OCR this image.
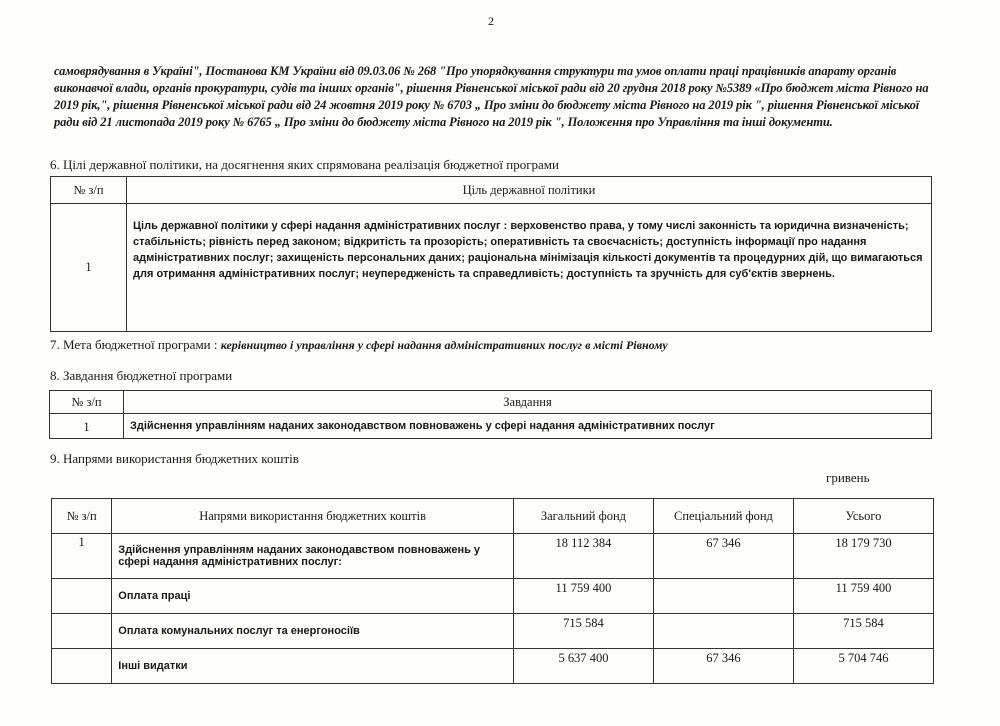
2
самоврядування в Україні", Постанова КМ України від 09.03.06 № 268 "Про упорядкування структури та умов оплати праці працівників апарату органів виконавчої влади, органів прокуратури, судів та інших органів", рішення Рівненської міської ради від 20 грудня 2018 року №5389 «Про бюджет міста Рівного на 2019 рік,", рішення Рівненської міської ради від 24 жовтня 2019 року № 6703 „ Про зміни до бюджету міста Рівного на 2019 рік ", рішення Рівненської міської ради від 21 листопада 2019 року № 6765 „ Про зміни до бюджету міста Рівного на 2019 рік ", Положення про Управління та інші документи.
6. Цілі державної політики, на досягнення яких спрямована реалізація бюджетної програми
№ з/п	Ціль державної політики
1	Ціль державної політики у сфері надання адміністративних послуг : верховенство права, у тому числі законність та юридична визначеність; стабільність; рівність перед законом; відкритість та прозорість; оперативність та своєчасність; доступність інформації про надання адміністративних послуг; захищеність персональних даних; раціональна мінімізація кількості документів та процедурних дій, що вимагаються для отримання адміністративних послуг; неупередженість та справедливість; доступність та зручність для суб'єктів звернень.
7. Мета бюджетної програми : керівництво і управління у сфері надання адміністративних послуг в місті Рівному
8. Завдання бюджетної програми
№ з/п	Завдання
1	Здійснення управлінням наданих законодавством повноважень у сфері надання адміністративних послуг
9. Напрями використання бюджетних коштів
гривень
№ з/п	Напрями використання бюджетних коштів	Загальний фонд	Спеціальний фонд	Усього
1	Здійснення управлінням наданих законодавством повноважень у сфері надання адміністративних послуг:	18 112 384	67 346	18 179 730
	Оплата праці	11 759 400		11 759 400
	Оплата комунальних послуг та енергоносіїв	715 584		715 584
	Інші видатки	5 637 400	67 346	5 704 746
